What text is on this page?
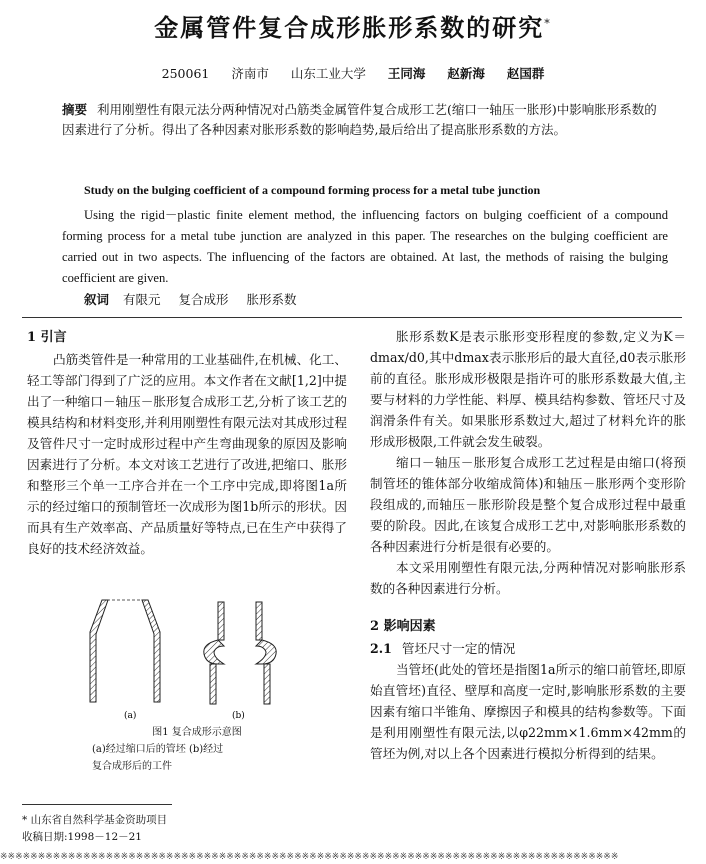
金属管件复合成形胀形系数的研究*
250061 济南市 山东工业大学 王同海 赵新海 赵国群
摘要 利用刚塑性有限元法分两种情况对凸筋类金属管件复合成形工艺(缩口一轴压一胀形)中影响胀形系数的因素进行了分析。得出了各种因素对胀形系数的影响趋势,最后给出了提高胀形系数的方法。
Study on the bulging coefficient of a compound forming process for a metal tube junction
Using the rigid－plastic finite element method, the influencing factors on bulging coefficient of a compound forming process for a metal tube junction are analyzed in this paper. The researches on the bulging coefficient are carried out in two aspects. The influencing of the factors are obtained. At last, the methods of raising the bulging coefficient are given.
叙词 有限元 复合成形 胀形系数
1 引言

凸筋类管件是一种常用的工业基础件,在机械、化工、轻工等部门得到了广泛的应用。本文作者在文献[1,2]中提出了一种缩口－轴压－胀形复合成形工艺,分析了该工艺的模具结构和材料变形,并利用刚塑性有限元法对其成形过程及管件尺寸一定时成形过程中产生弯曲现象的原因及影响因素进行了分析。本文对该工艺进行了改进,把缩口、胀形和整形三个单一工序合并在一个工序中完成,即将图1a所示的经过缩口的预制管坯一次成形为图1b所示的形状。因而具有生产效率高、产品质量好等特点,已在生产中获得了良好的技术经济效益。

(a)	(b)
图1 复合成形示意图
(a)经过缩口后的管坯 (b)经过
复合成形后的工件
* 山东省自然科学基金资助项目
收稿日期:1998－12－21

胀形系数K是表示胀形变形程度的参数,定义为K＝dmax/d0,其中dmax表示胀形后的最大直径,d0表示胀形前的直径。胀形成形极限是指许可的胀形系数最大值,主要与材料的力学性能、料厚、模具结构参数、管坯尺寸及润滑条件有关。如果胀形系数过大,超过了材料允许的胀形成形极限,工件就会发生破裂。

缩口－轴压－胀形复合成形工艺过程是由缩口(将预制管坯的锥体部分收缩成简体)和轴压－胀形两个变形阶段组成的,而轴压－胀形阶段是整个复合成形过程中最重要的阶段。因此,在该复合成形工艺中,对影响胀形系数的各种因素进行分析是很有必要的。

本文采用刚塑性有限元法,分两种情况对影响胀形系数的各种因素进行分析。

2 影响因素
2.1 管坯尺寸一定的情况

当管坯(此处的管坯是指图1a所示的缩口前管坯,即原始直管坯)直径、壁厚和高度一定时,影响胀形系数的主要因素有缩口半锥角、摩擦因子和模具的结构参数等。下面是利用刚塑性有限元法,以φ22mm×1.6mm×42mm的管坯为例,对以上各个因素进行模拟分析得到的结果。

※※※※※※※※※※※※※※※※※※※※※※※※※※※※※※※※※※※※※※※※※※※※※※※※※※※※※※※※※※※※※※※※※※※※※※※※※※※※※※※※※※
